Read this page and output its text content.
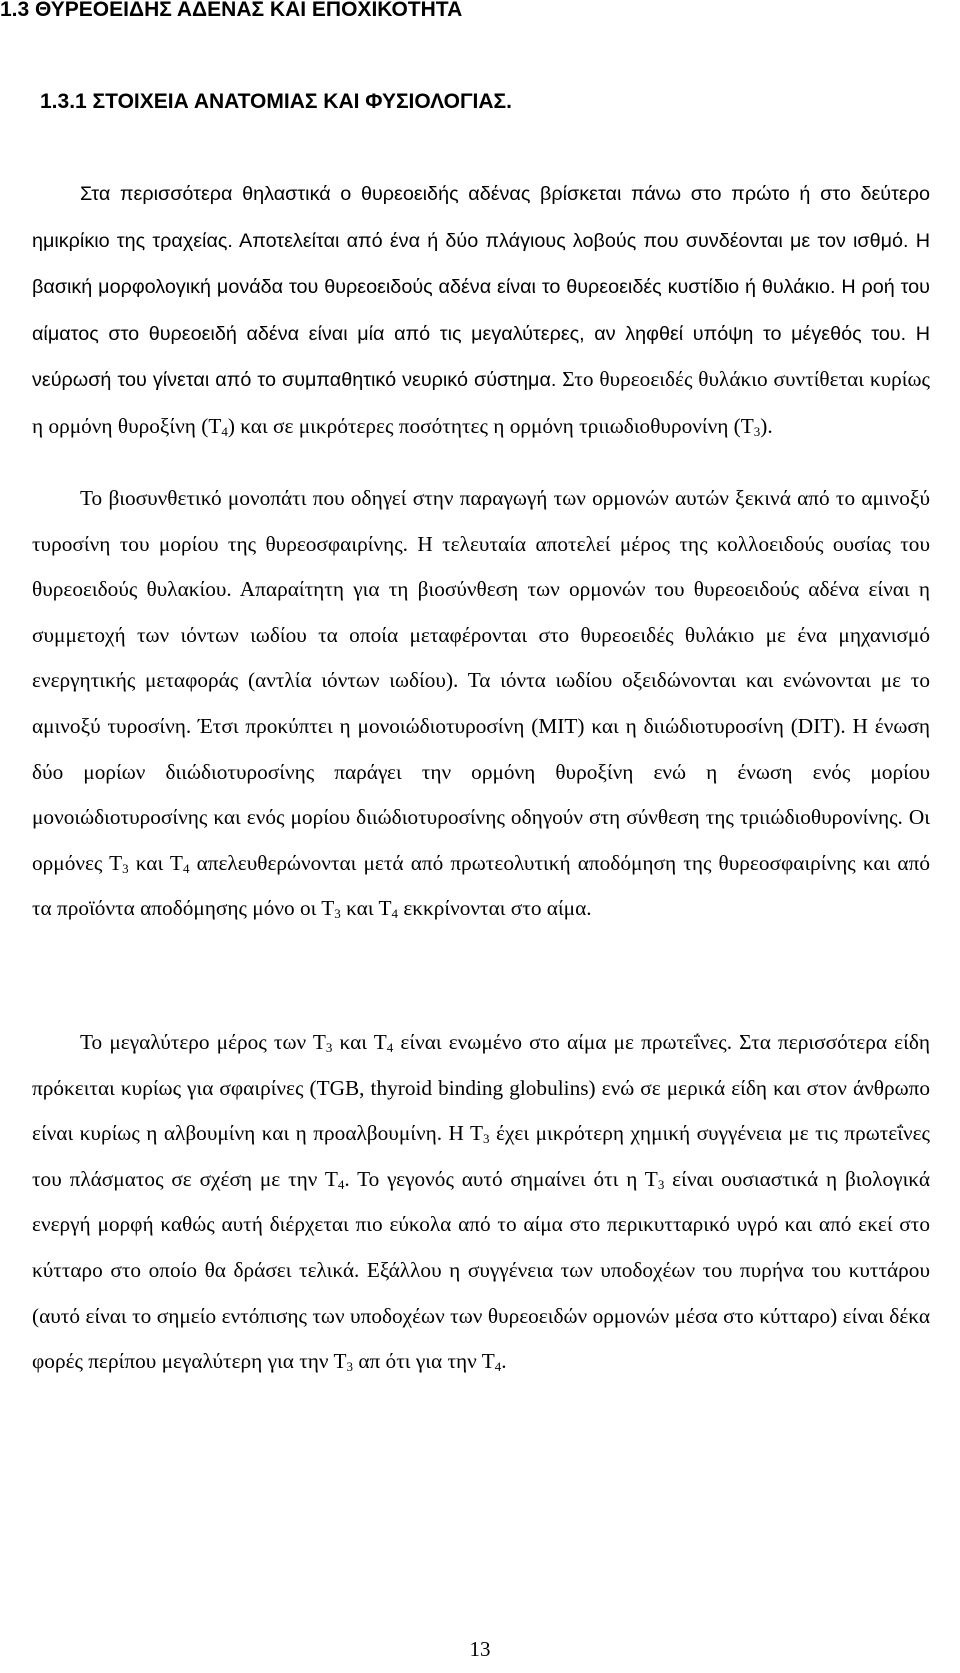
1.3 ΘΥΡΕΟΕΙΔΗΣ ΑΔΕΝΑΣ ΚΑΙ ΕΠΟΧΙΚΟΤΗΤΑ
1.3.1 ΣΤΟΙΧΕΙΑ ΑΝΑΤΟΜΙΑΣ ΚΑΙ ΦΥΣΙΟΛΟΓΙΑΣ.

Στα περισσότερα θηλαστικά ο θυρεοειδής αδένας βρίσκεται πάνω στο πρώτο ή στο δεύτερο ημικρίκιο της τραχείας. Αποτελείται από ένα ή δύο πλάγιους λοβούς που συνδέονται με τον ισθμό. Η βασική μορφολογική μονάδα του θυρεοειδούς αδένα είναι το θυρεοειδές κυστίδιο ή θυλάκιο. Η ροή του αίματος στο θυρεοειδή αδένα είναι μία από τις μεγαλύτερες, αν ληφθεί υπόψη το μέγεθός του. Η νεύρωσή του γίνεται από το συμπαθητικό νευρικό σύστημα. Στο θυρεοειδές θυλάκιο συντίθεται κυρίως η ορμόνη θυροξίνη $(T_4)$ και σε μικρότερες ποσότητες η ορμόνη τριιωδιοθυρονίνη $(T_3)$.

Το βιοσυνθετικό μονοπάτι που οδηγεί στην παραγωγή των ορμονών αυτών ξεκινά από το αμινοξύ τυροσίνη του μορίου της θυρεοσφαιρίνης. Η τελευταία αποτελεί μέρος της κολλοειδούς ουσίας του θυρεοειδούς θυλακίου. Απαραίτητη για τη βιοσύνθεση των ορμονών του θυρεοειδούς αδένα είναι η συμμετοχή των ιόντων ιωδίου τα οποία μεταφέρονται στο θυρεοειδές θυλάκιο με ένα μηχανισμό ενεργητικής μεταφοράς (αντλία ιόντων ιωδίου). Τα ιόντα ιωδίου οξειδώνονται και ενώνονται με το αμινοξύ τυροσίνη. Έτσι προκύπτει η μονοιώδιοτυροσίνη (ΜΙΤ) και η διιώδιοτυροσίνη (DIT). Η ένωση δύο μορίων διιώδιοτυροσίνης παράγει την ορμόνη θυροξίνη ενώ η ένωση ενός μορίου μονοιώδιοτυροσίνης και ενός μορίου διιώδιοτυροσίνης οδηγούν στη σύνθεση της τριιώδιοθυρονίνης. Οι ορμόνες $T_3$ και $T_4$ απελευθερώνονται μετά από πρωτεολυτική αποδόμηση της θυρεοσφαιρίνης και από τα προϊόντα αποδόμησης μόνο οι $T_3$ και $T_4$ εκκρίνονται στο αίμα.

Το μεγαλύτερο μέρος των $T_3$ και $T_4$ είναι ενωμένο στο αίμα με πρωτεΐνες. Στα περισσότερα είδη πρόκειται κυρίως για σφαιρίνες (TGB, thyroid binding globulins) ενώ σε μερικά είδη και στον άνθρωπο είναι κυρίως η αλβουμίνη και η προαλβουμίνη. Η $T_3$ έχει μικρότερη χημική συγγένεια με τις πρωτεΐνες του πλάσματος σε σχέση με την $T_4$. Το γεγονός αυτό σημαίνει ότι η $T_3$ είναι ουσιαστικά η βιολογικά ενεργή μορφή καθώς αυτή διέρχεται πιο εύκολα από το αίμα στο περικυτταρικό υγρό και από εκεί στο κύτταρο στο οποίο θα δράσει τελικά. Εξάλλου η συγγένεια των υποδοχέων του πυρήνα του κυττάρου (αυτό είναι το σημείο εντόπισης των υποδοχέων των θυρεοειδών ορμονών μέσα στο κύτταρο) είναι δέκα φορές περίπου μεγαλύτερη για την $T_3$ απ ότι για την $T_4$.

13
